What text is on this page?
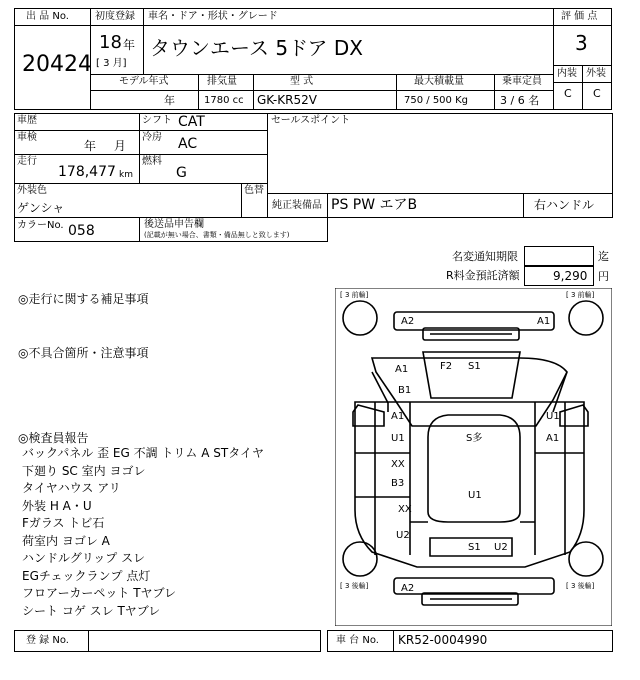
出 品 No.
20424
初度登録 車名・ドア・形状・グレード
18 年
[ 3 月]
タウンエース 5ドア DX
評 価 点
3
内装 外装
C C
モデル年式	排気量	型 式	最大積載量	乗車定員
年	1780 cc GK-KR52V	750 / 500 Kg	3 / 6 名
車歴	シフト CAT
車検
年 月
冷房 AC
走行
178,477 km
燃料
G
セールスポイント
外装色
ゲンシャ
色替
純正装備品 PS PW エアB	右ハンドル
カラーNo. 058	後送品申告欄
(記載が無い場合、書類・備品無しと致します)
名変通知期限	迄
R料金預託済額	9,290 円
◎走行に関する補足事項
◎不具合箇所・注意事項
◎検査員報告
バックパネル 歪 EG 不調 トリム A STタイヤ
下廻り SC 室内 ヨゴレ
タイヤハウス アリ
外装 H A・U
Fガラス トビ石
荷室内 ヨゴレ A
ハンドルグリップ スレ
EGチェックランプ 点灯
フロアーカーペット Tヤブレ
シート コゲ スレ Tヤブレ
A2	A1
A1
B1
F2 S1
A1
U1	S多
U1
A1
XX
B3
U1
XX
U2
S1 U2
A2
[ 3 前輪]	[ 3 前輪]
[ 3 後輪]	[ 3 後輪]
登 録 No.	車 台 No. KR52-0004990
